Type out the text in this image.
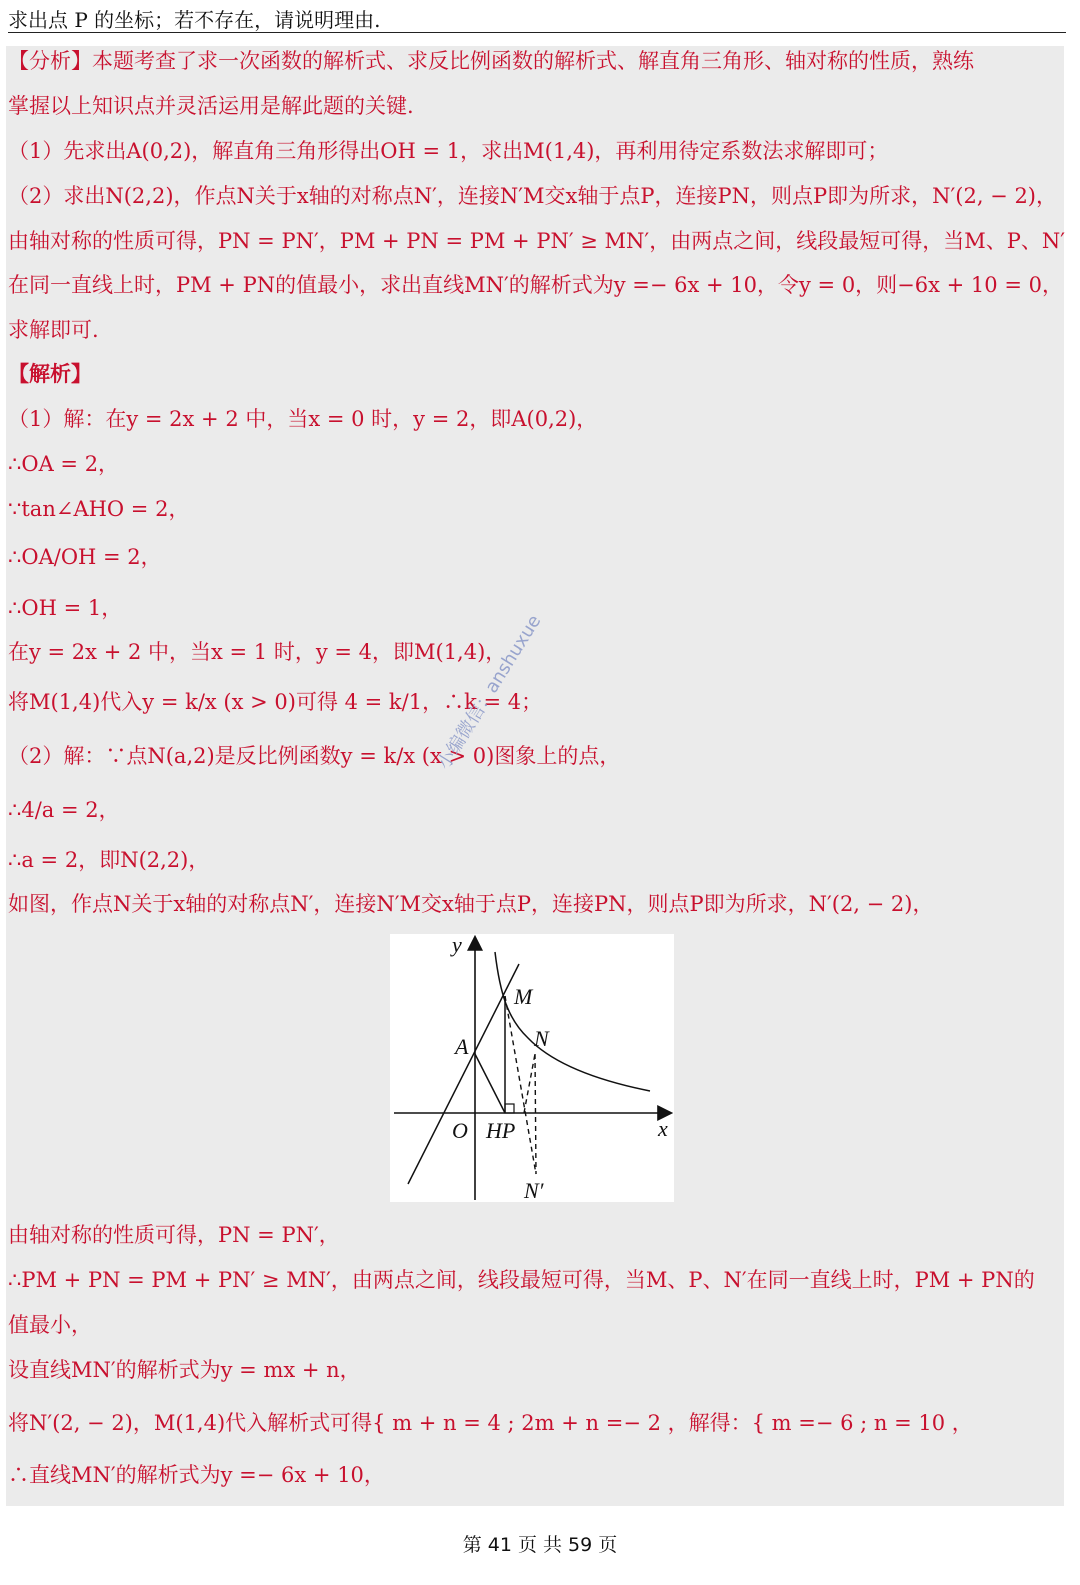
求出点 P 的坐标；若不存在，请说明理由.
【分析】本题考查了求一次函数的解析式、求反比例函数的解析式、解直角三角形、轴对称的性质，熟练
掌握以上知识点并灵活运用是解此题的关键.
（1）先求出A(0,2)，解直角三角形得出OH = 1，求出M(1,4)，再利用待定系数法求解即可；
（2）求出N(2,2)，作点N关于x轴的对称点N′，连接N′M交x轴于点P，连接PN，则点P即为所求，N′(2, − 2)，
由轴对称的性质可得，PN = PN′，PM + PN = PM + PN′ ≥ MN′，由两点之间，线段最短可得，当M、P、N′
在同一直线上时，PM + PN的值最小，求出直线MN′的解析式为y =− 6x + 10，令y = 0，则−6x + 10 = 0，
求解即可.
【解析】
（1）解：在y = 2x + 2 中，当x = 0 时，y = 2，即A(0,2)，
∴OA = 2，
∵tan∠AHO = 2，
∴OA/OH = 2，
∴OH = 1，
在y = 2x + 2 中，当x = 1 时，y = 4，即M(1,4)，
将M(1,4)代入y = k/x (x > 0)可得 4 = k/1，∴k = 4；
（2）解：∵点N(a,2)是反比例函数y = k/x (x > 0)图象上的点，
∴4/a = 2，
∴a = 2，即N(2,2)，
如图，作点N关于x轴的对称点N′，连接N′M交x轴于点P，连接PN，则点P即为所求，N′(2, − 2)，
y
x
O
A
M
N
HP
N′
由轴对称的性质可得，PN = PN′，
∴PM + PN = PM + PN′ ≥ MN′，由两点之间，线段最短可得，当M、P、N′在同一直线上时，PM + PN的
值最小，
设直线MN′的解析式为y = mx + n，
将N′(2, − 2)，M(1,4)代入解析式可得{ m + n = 4 ; 2m + n =− 2 ，解得：{ m =− 6 ; n = 10 ，
∴直线MN′的解析式为y =− 6x + 10，
小编微信：anshuxue
第 41 页 共 59 页
